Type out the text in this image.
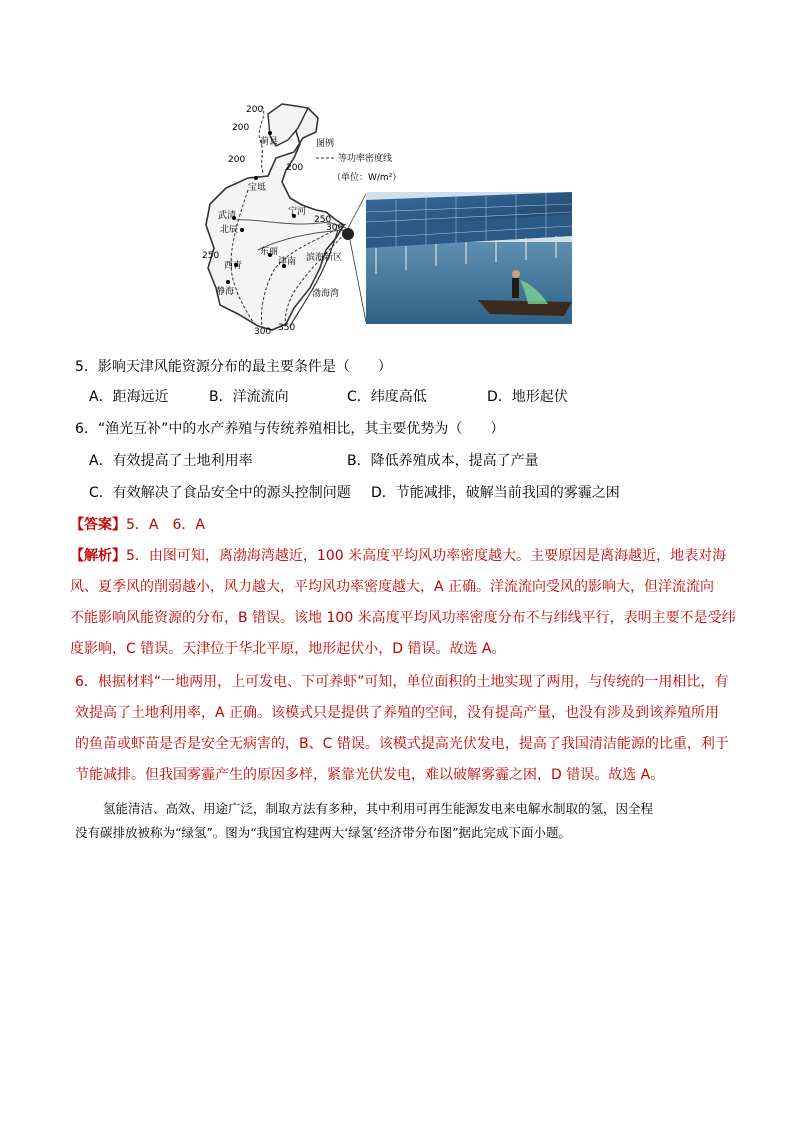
200
200
200
200
250
250
300
300 350
蓟县
宝坻
武清	宁河
北辰
东丽
西青	津南 滨海新区
静海	渤海湾
图例
等功率密度线
（单位：W/m²）
5．影响天津风能资源分布的最主要条件是（　　）
A．距海远近	B．洋流流向	C．纬度高低	D．地形起伏
6．“渔光互补”中的水产养殖与传统养殖相比，其主要优势为（　　）
A．有效提高了土地利用率	B．降低养殖成本，提高了产量
C．有效解决了食品安全中的源头控制问题 D．节能减排，破解当前我国的雾霾之困
【答案】5．A　6．A
【解析】5．由图可知，离渤海湾越近，100 米高度平均风功率密度越大。主要原因是离海越近，地表对海
风、夏季风的削弱越小，风力越大，平均风功率密度越大，A 正确。洋流流向受风的影响大，但洋流流向
不能影响风能资源的分布，B 错误。该地 100 米高度平均风功率密度分布不与纬线平行，表明主要不是受纬
度影响，C 错误。天津位于华北平原，地形起伏小，D 错误。故选 A。
6．根据材料“一地两用，上可发电、下可养虾”可知，单位面积的土地实现了两用，与传统的一用相比，有
效提高了土地利用率，A 正确。该模式只是提供了养殖的空间，没有提高产量，也没有涉及到该养殖所用
的鱼苗或虾苗是否是安全无病害的，B、C 错误。该模式提高光伏发电，提高了我国清洁能源的比重，利于
节能减排。但我国雾霾产生的原因多样，紧靠光伏发电，难以破解雾霾之困，D 错误。故选 A。
氢能清洁、高效、用途广泛，制取方法有多种，其中利用可再生能源发电来电解水制取的氢，因全程
没有碳排放被称为“绿氢”。图为“我国宜构建两大‘绿氢’经济带分布图”据此完成下面小题。
